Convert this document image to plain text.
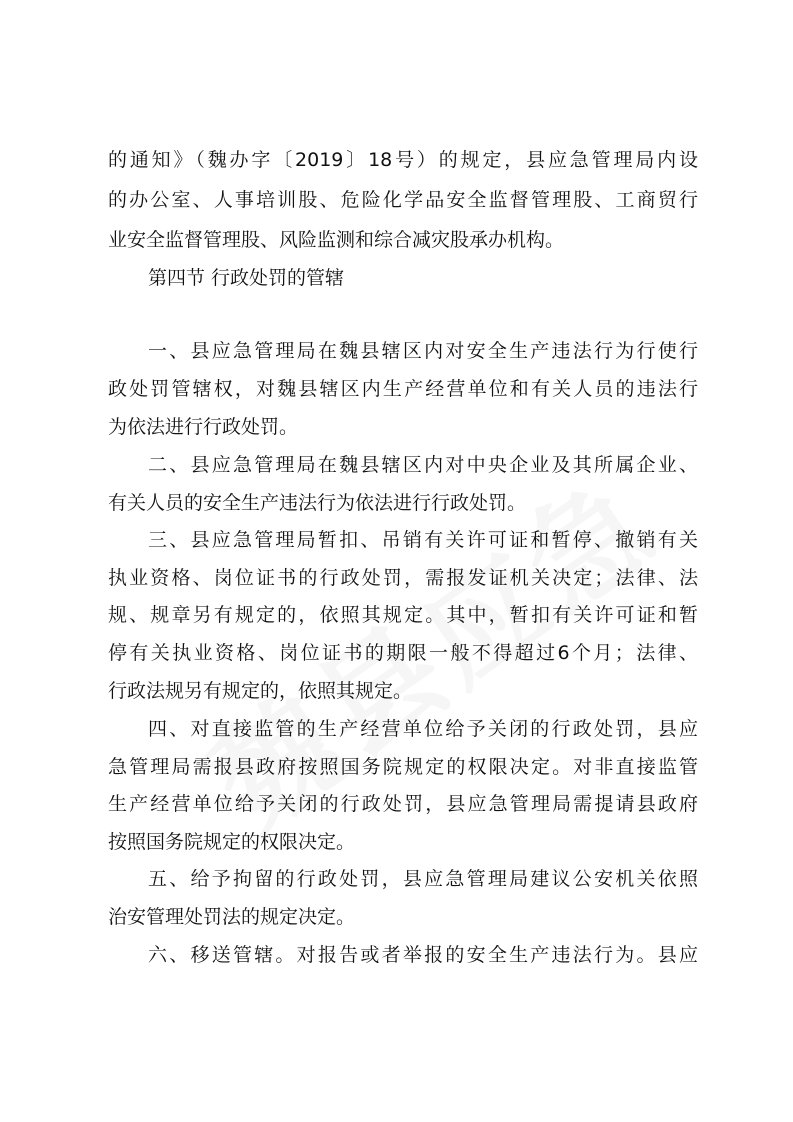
的通知》（魏办字〔2019〕18号）的规定，县应急管理局内设
的办公室、人事培训股、危险化学品安全监督管理股、工商贸行
业安全监督管理股、风险监测和综合减灾股承办机构。
第四节 行政处罚的管辖
一、县应急管理局在魏县辖区内对安全生产违法行为行使行
政处罚管辖权，对魏县辖区内生产经营单位和有关人员的违法行
为依法进行行政处罚。
二、县应急管理局在魏县辖区内对中央企业及其所属企业、
有关人员的安全生产违法行为依法进行行政处罚。
三、县应急管理局暂扣、吊销有关许可证和暂停、撤销有关
执业资格、岗位证书的行政处罚，需报发证机关决定；法律、法
规、规章另有规定的，依照其规定。其中，暂扣有关许可证和暂
停有关执业资格、岗位证书的期限一般不得超过6个月；法律、
行政法规另有规定的，依照其规定。
四、对直接监管的生产经营单位给予关闭的行政处罚，县应
急管理局需报县政府按照国务院规定的权限决定。对非直接监管
生产经营单位给予关闭的行政处罚，县应急管理局需提请县政府
按照国务院规定的权限决定。
五、给予拘留的行政处罚，县应急管理局建议公安机关依照
治安管理处罚法的规定决定。
六、移送管辖。对报告或者举报的安全生产违法行为。县应
